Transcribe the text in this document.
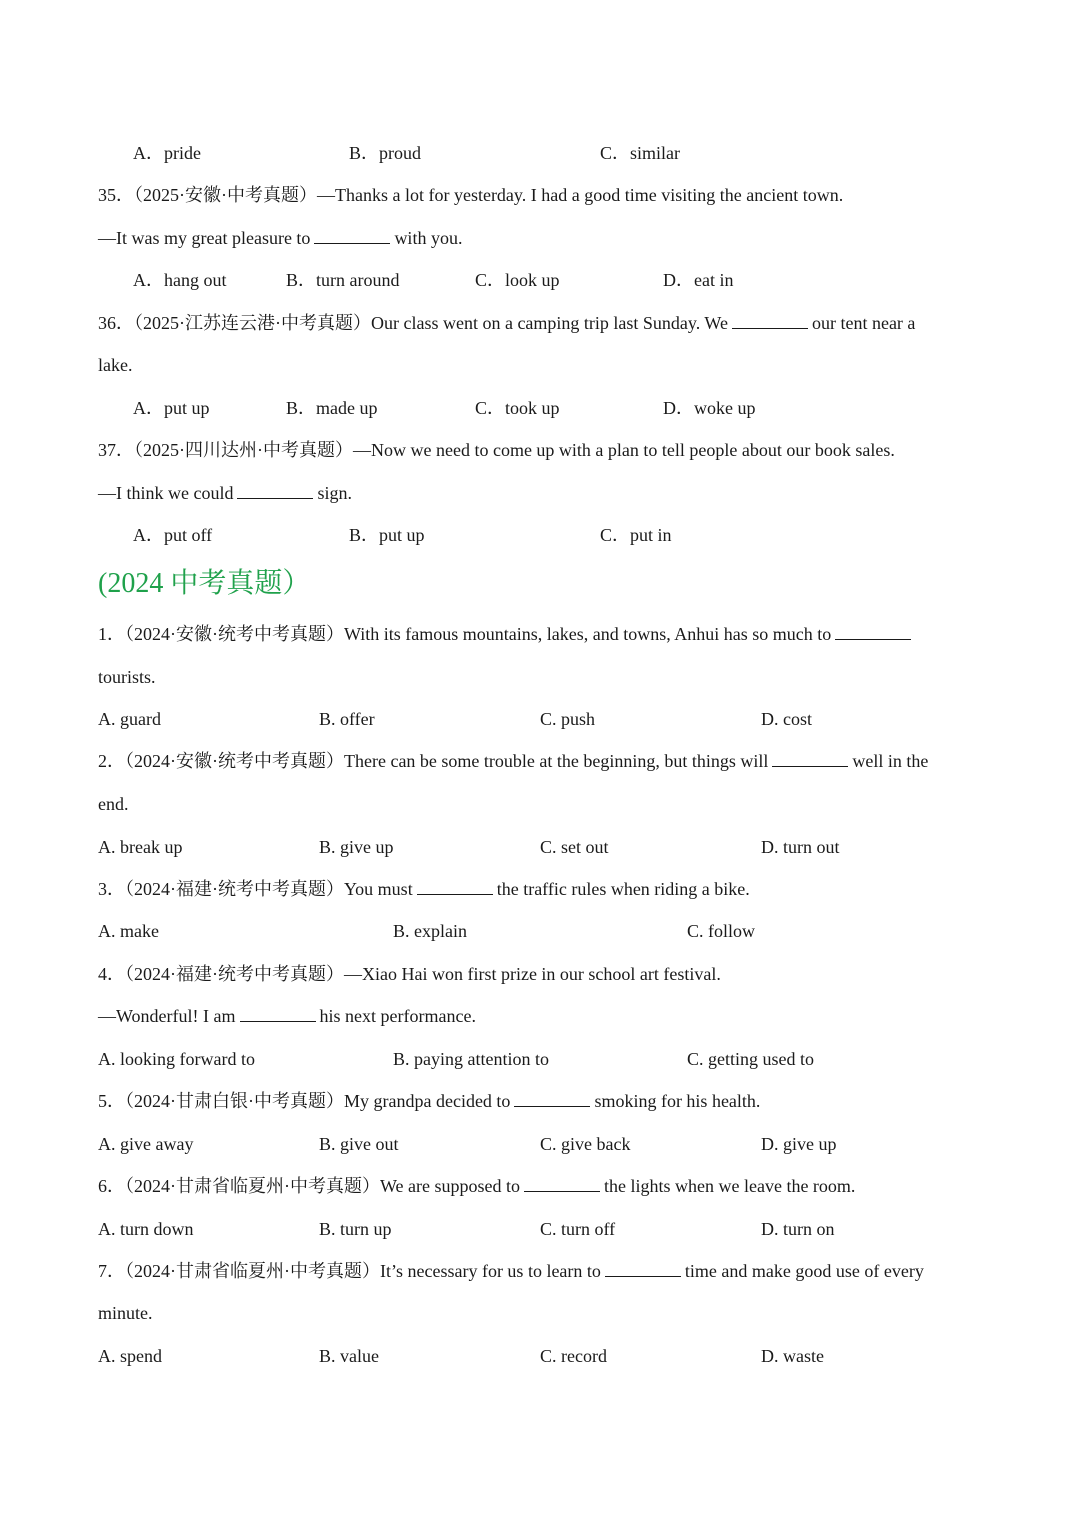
A．pride	B．proud	C．similar
35．（2025·安徽·中考真题）—Thanks a lot for yesterday. I had a good time visiting the ancient town.
—It was my great pleasure to	with you.
A．hang out	B．turn around	C．look up	D．eat in
36．（2025·江苏连云港·中考真题）Our class went on a camping trip last Sunday. We	our tent near a
lake.
A．put up	B．made up	C．took up	D．woke up
37．（2025·四川达州·中考真题）—Now we need to come up with a plan to tell people about our book sales.
—I think we could	sign.
A．put off	B．put up	C．put in
(2024 中考真题）
1．（2024·安徽·统考中考真题）With its famous mountains, lakes, and towns, Anhui has so much to
tourists.
A. guard	B. offer	C. push	D. cost
2．（2024·安徽·统考中考真题）There can be some trouble at the beginning, but things will	well in the
end.
A. break up	B. give up	C. set out	D. turn out
3．（2024·福建·统考中考真题）You must	the traffic rules when riding a bike.
A. make	B. explain	C. follow
4．（2024·福建·统考中考真题）—Xiao Hai won first prize in our school art festival.
—Wonderful! I am	his next performance.
A. looking forward to	B. paying attention to	C. getting used to
5．（2024·甘肃白银·中考真题）My grandpa decided to	smoking for his health.
A. give away	B. give out	C. give back	D. give up
6．（2024·甘肃省临夏州·中考真题）We are supposed to	the lights when we leave the room.
A. turn down	B. turn up	C. turn off	D. turn on
7．（2024·甘肃省临夏州·中考真题）It’s necessary for us to learn to	time and make good use of every
minute.
A. spend	B. value	C. record	D. waste
